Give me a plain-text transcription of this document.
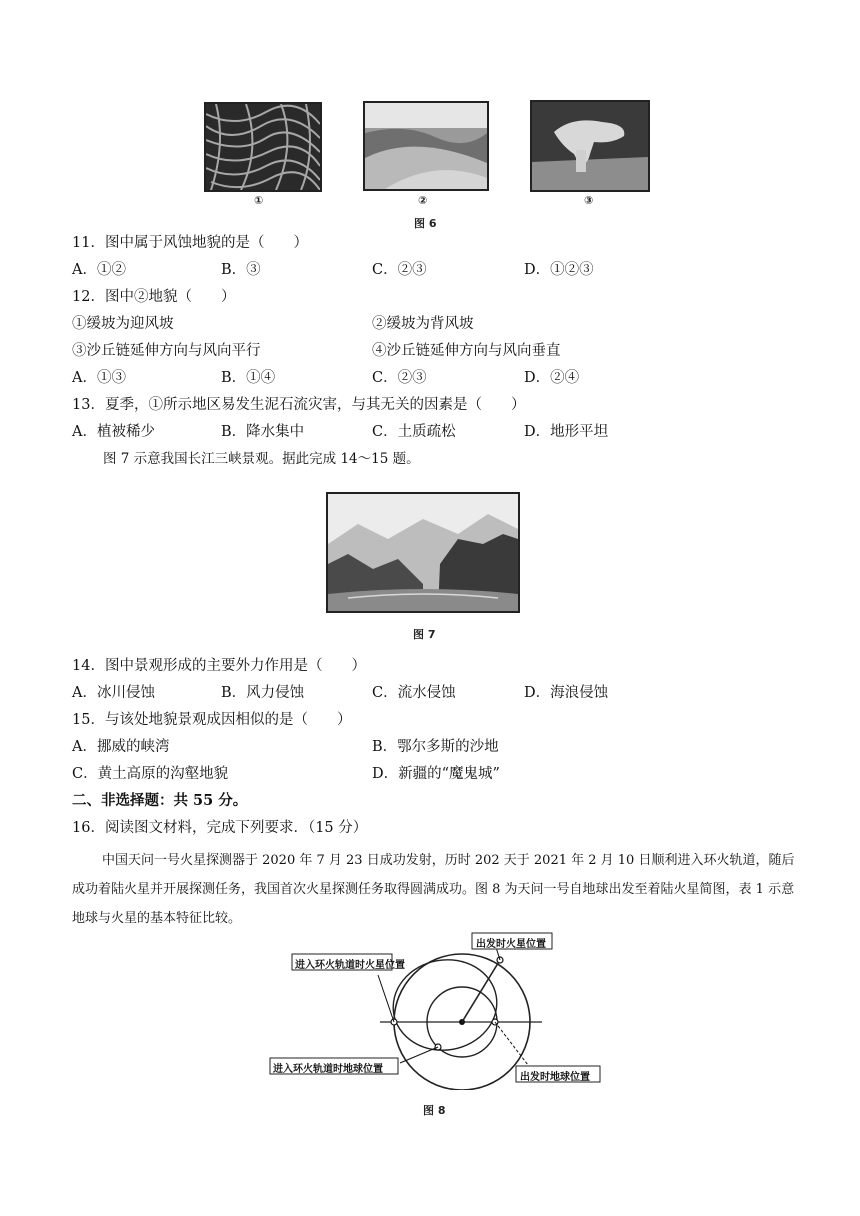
①	②	③
图 6
11．图中属于风蚀地貌的是（　　）
A．①②	B．③	C．②③	D．①②③
12．图中②地貌（　　）
①缓坡为迎风坡	②缓坡为背风坡
③沙丘链延伸方向与风向平行	④沙丘链延伸方向与风向垂直
A．①③	B．①④	C．②③	D．②④
13．夏季，①所示地区易发生泥石流灾害，与其无关的因素是（　　）
A．植被稀少	B．降水集中	C．土质疏松	D．地形平坦
图 7 示意我国长江三峡景观。据此完成 14～15 题。
图 7
14．图中景观形成的主要外力作用是（　　）
A．冰川侵蚀	B．风力侵蚀	C．流水侵蚀	D．海浪侵蚀
15．与该处地貌景观成因相似的是（　　）
A．挪威的峡湾	B．鄂尔多斯的沙地
C．黄土高原的沟壑地貌	D．新疆的“魔鬼城”
二、非选择题：共 55 分。
16．阅读图文材料，完成下列要求．（15 分）
中国天问一号火星探测器于 2020 年 7 月 23 日成功发射，历时 202 天于 2021 年 2 月 10 日顺利进入环火轨道，随后成功着陆火星并开展探测任务，我国首次火星探测任务取得圆满成功。图 8 为天问一号自地球出发至着陆火星简图，表 1 示意地球与火星的基本特征比较。
出发时火星位置
进入环火轨道时火星位置
进入环火轨道时地球位置
出发时地球位置
图 8
